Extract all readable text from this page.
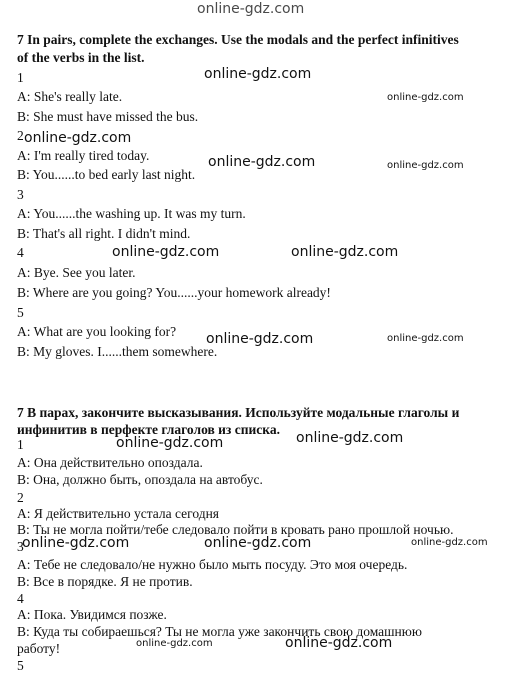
online-gdz.com
7 In pairs, complete the exchanges. Use the modals and the perfect infinitives
of the verbs in the list.
1
A: She's really late.
B: She must have missed the bus.
2
A: I'm really tired today.
B: You......to bed early last night.
3
A: You......the washing up. It was my turn.
B: That's all right. I didn't mind.
4
A: Bye. See you later.
B: Where are you going? You......your homework already!
5
A: What are you looking for?
B: My gloves. I......them somewhere.
7 В парах, закончите высказывания. Используйте модальные глаголы и
инфинитив в перфекте глаголов из списка.
1
А: Она действительно опоздала.
В: Она, должно быть, опоздала на автобус.
2
А: Я действительно устала сегодня
В: Ты не могла пойти/тебе следовало пойти в кровать рано прошлой ночью.
3
А: Тебе не следовало/не нужно было мыть посуду. Это моя очередь.
В: Все в порядке. Я не против.
4
А: Пока. Увидимся позже.
В: Куда ты собираешься? Ты не могла уже закончить свою домашнюю
работу!
5
online-gdz.com
online-gdz.com
online-gdz.com
online-gdz.com	online-gdz.com
online-gdz.com	online-gdz.com
online-gdz.com	online-gdz.com
online-gdz.com	online-gdz.com
online-gdz.com	online-gdz.com	online-gdz.com
online-gdz.com	online-gdz.com
